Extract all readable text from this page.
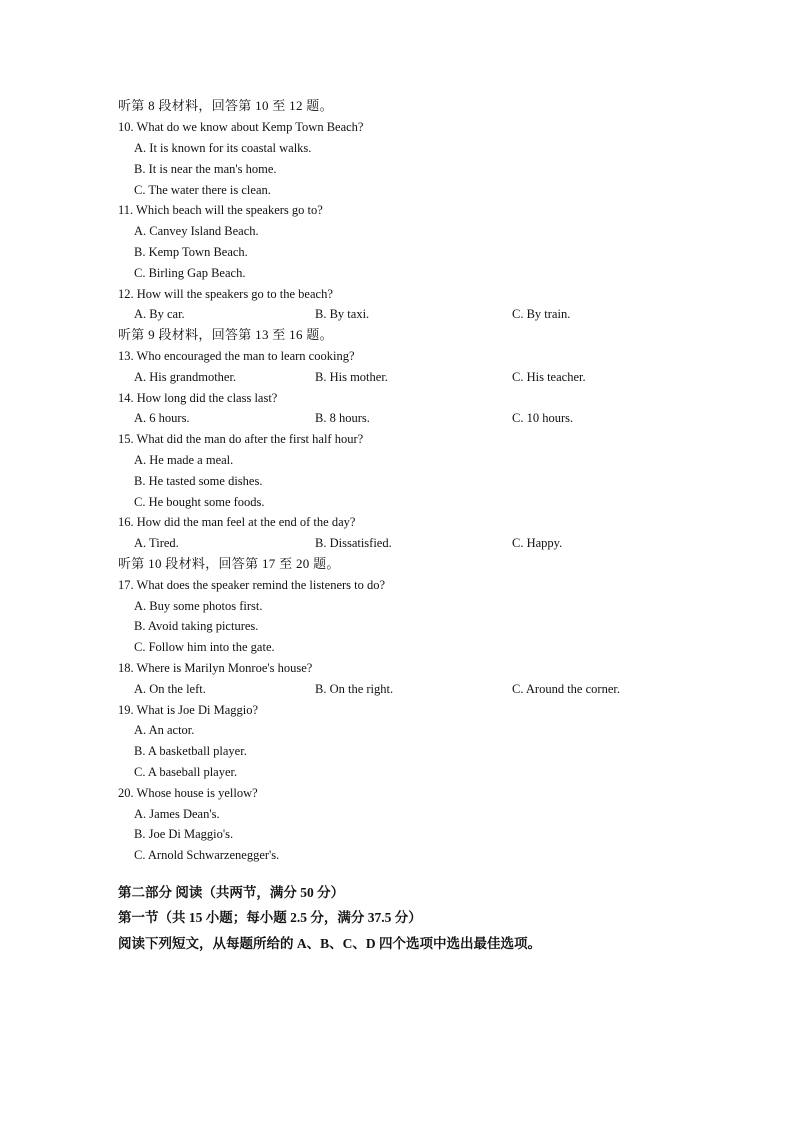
听第 8 段材料，回答第 10 至 12 题。
10. What do we know about Kemp Town Beach?
A. It is known for its coastal walks.
B. It is near the man's home.
C. The water there is clean.
11. Which beach will the speakers go to?
A. Canvey Island Beach.
B. Kemp Town Beach.
C. Birling Gap Beach.
12. How will the speakers go to the beach?
A. By car.	B. By taxi.	C. By train.
听第 9 段材料，回答第 13 至 16 题。
13. Who encouraged the man to learn cooking?
A. His grandmother.	B. His mother.	C. His teacher.
14. How long did the class last?
A. 6 hours.	B. 8 hours.	C. 10 hours.
15. What did the man do after the first half hour?
A. He made a meal.
B. He tasted some dishes.
C. He bought some foods.
16. How did the man feel at the end of the day?
A. Tired.	B. Dissatisfied.	C. Happy.
听第 10 段材料，回答第 17 至 20 题。
17. What does the speaker remind the listeners to do?
A. Buy some photos first.
B. Avoid taking pictures.
C. Follow him into the gate.
18. Where is Marilyn Monroe's house?
A. On the left.	B. On the right.	C. Around the corner.
19. What is Joe Di Maggio?
A. An actor.
B. A basketball player.
C. A baseball player.
20. Whose house is yellow?
A. James Dean's.
B. Joe Di Maggio's.
C. Arnold Schwarzenegger's.
第二部分 阅读（共两节，满分 50 分）
第一节（共 15 小题；每小题 2.5 分，满分 37.5 分）
阅读下列短文，从每题所给的 A、B、C、D 四个选项中选出最佳选项。
